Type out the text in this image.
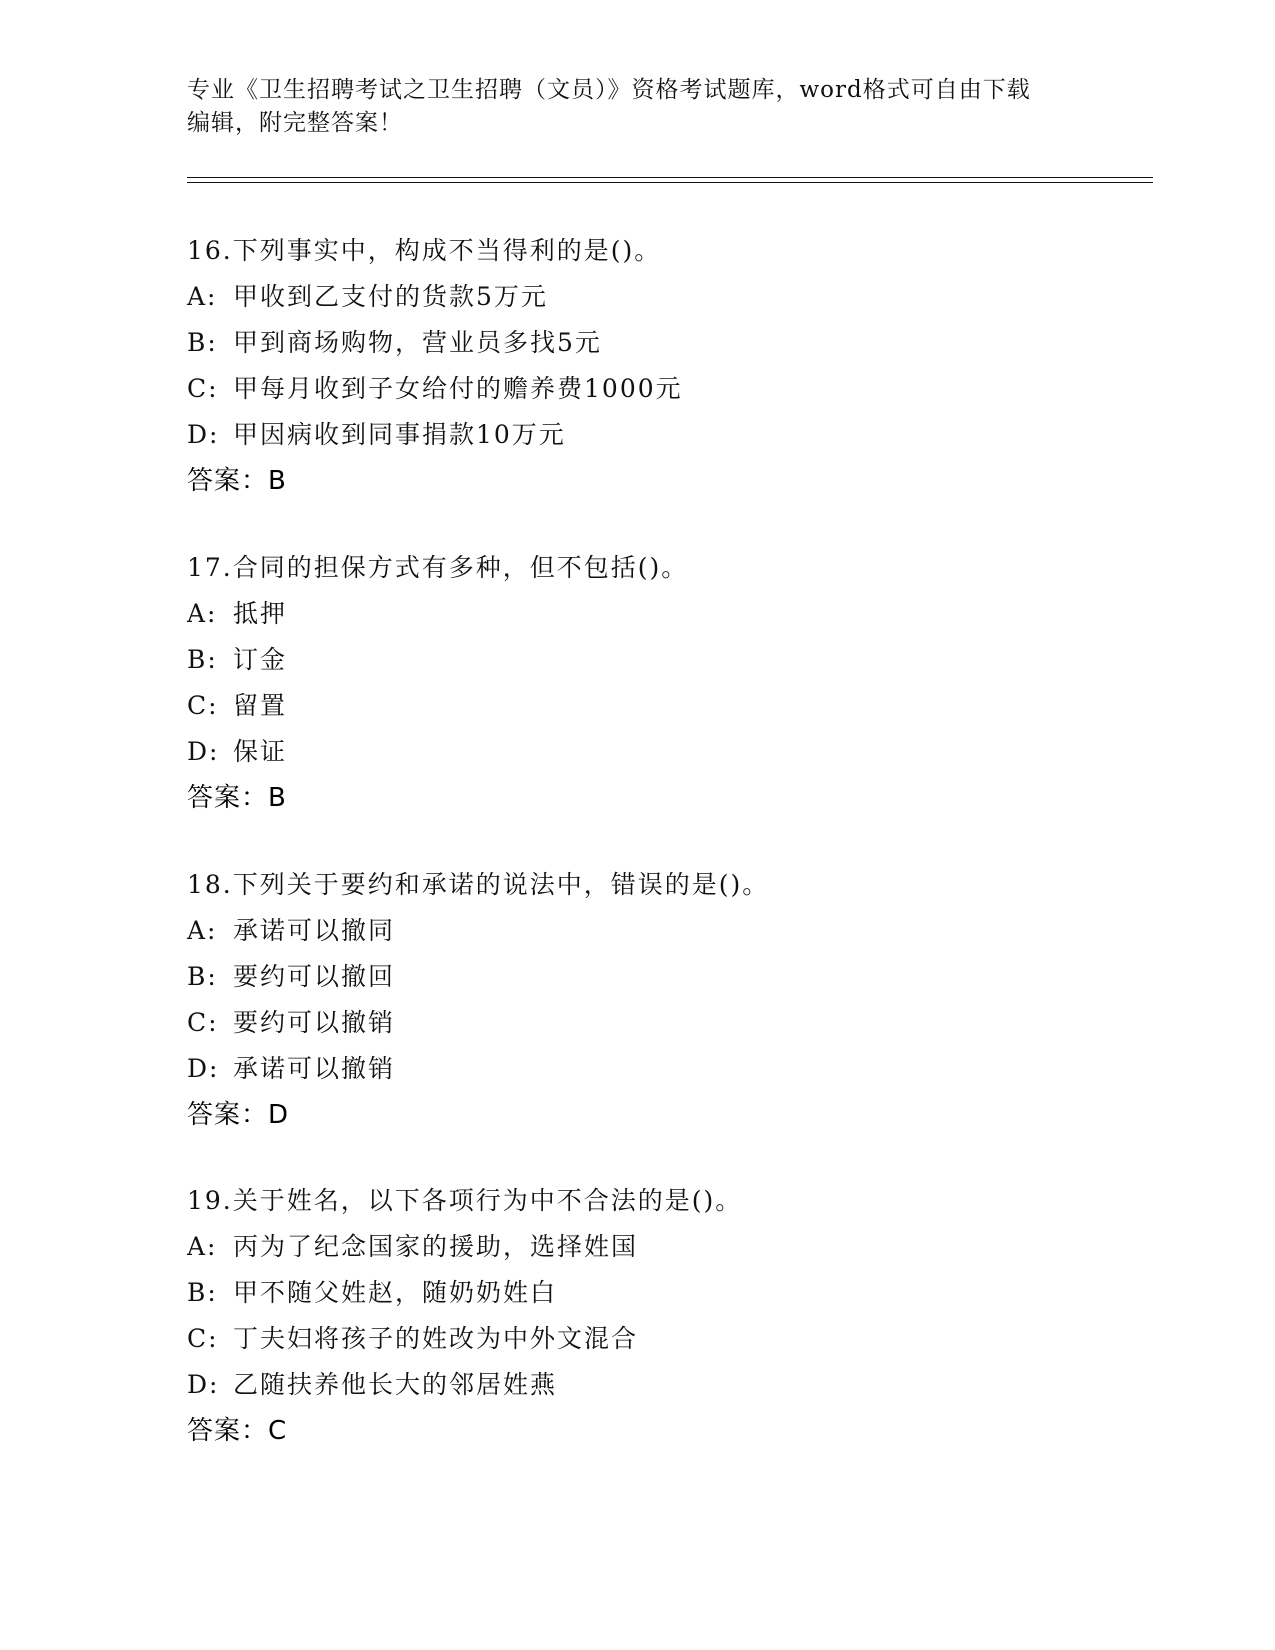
专业《卫生招聘考试之卫生招聘（文员）》资格考试题库，word格式可自由下载
编辑，附完整答案！
16.下列事实中，构成不当得利的是()。
A: 甲收到乙支付的货款5万元
B: 甲到商场购物，营业员多找5元
C: 甲每月收到子女给付的赡养费1000元
D: 甲因病收到同事捐款10万元
答案：B
17.合同的担保方式有多种，但不包括()。
A: 抵押
B: 订金
C: 留置
D: 保证
答案：B
18.下列关于要约和承诺的说法中，错误的是()。
A: 承诺可以撤同
B: 要约可以撤回
C: 要约可以撤销
D: 承诺可以撤销
答案：D
19.关于姓名，以下各项行为中不合法的是()。
A: 丙为了纪念国家的援助，选择姓国
B: 甲不随父姓赵，随奶奶姓白
C: 丁夫妇将孩子的姓改为中外文混合
D: 乙随扶养他长大的邻居姓燕
答案：C
